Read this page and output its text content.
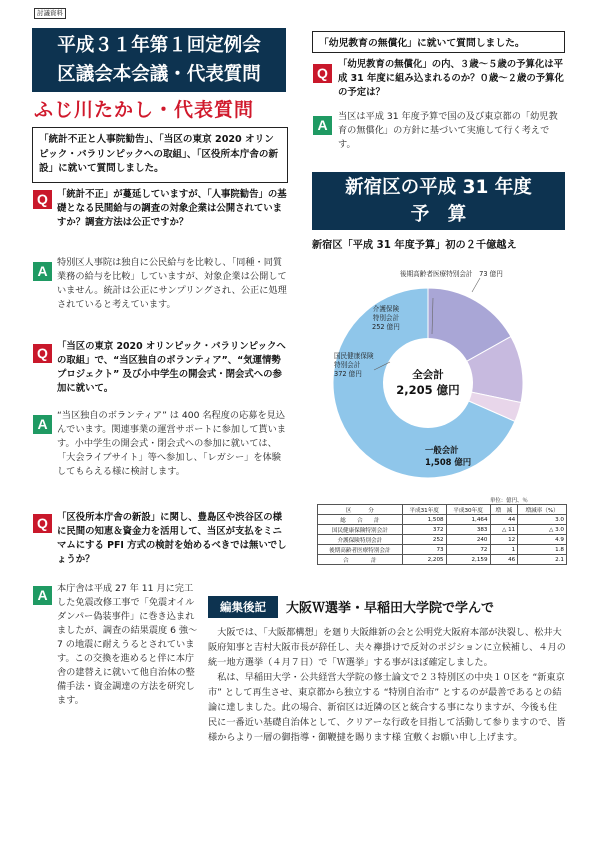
討議資料
平成３１年第１回定例会
区議会本会議・代表質問
ふじ川たかし・代表質問
「統計不正と人事院勧告」、「当区の東京 2020 オリンピック・パラリンピックへの取組」、「区役所本庁舎の新設」に就いて質問しました。
Q 「統計不正」が蔓延していますが、「人事院勧告」の基礎となる民間給与の調査の対象企業は公開されていますか？調査方法は公正ですか？
A
特別区人事院は独自に公民給与を比較し、「同種・同質業務の給与を比較」していますが、対象企業は公開していません。統計は公正にサンプリングされ、公正に処理されていると考えています。
Q 「当区の東京 2020 オリンピック・パラリンピックへの取組」で、“当区独自のボランティア”、“気運情勢プロジェクト” 及び小中学生の開会式・閉会式への参加に就いて。
A
“当区独自のボランティア” は 400 名程度の応募を見込んでいます。関連事業の運営サポートに参加して貰います。小中学生の開会式・閉会式への参加に就いては、「大会ライブサイト」等へ参加し、「レガシー」を体験してもらえる様に検討します。
Q 「区役所本庁舎の新設」に関し、豊島区や渋谷区の様に民間の知恵＆資金力を活用して、当区が支払をミニマムにする PFI 方式の検討を始めるべきでは無いでしょうか？
A	本庁舎は平成 27 年 11 月に完工した免震改修工事で「免震オイルダンパー偽装事件」に巻き込まれましたが、調査の結果震度 6 強～ 7 の地震に耐えうるとされています。この交換を進めると伴に本庁舎の建替えに就いて他自治体の整備手法・資金調達の方法を研究します。
「幼児教育の無償化」に就いて質問しました。
Q
「幼児教育の無償化」の内、３歳～５歳の予算化は平成 31 年度に組み込まれるのか？０歳～２歳の予算化の予定は？
A
当区は平成 31 年度予算で国の及び東京都の「幼児教育の無償化」の方針に基づいて実施して行く考えです。
新宿区の平成 31 年度
予　算
新宿区「平成 31 年度予算」初の２千億越え
後期高齢者医療特別会計　73 億円
介護保険
特別会計
252 億円
国民健康保険
特別会計
372 億円	全会計
2,205 億円
一般会計
1,508 億円
単位：億円、％
区　　　分	平成31年度	平成30年度	増　減	増減率（%）
総　　合　　計	1,508	1,464	44	3.0
国民健康保険特別会計	372	383	△ 11	△ 3.0
介護保険特別会計	252	240	12	4.9
後期高齢者医療特別会計	73	72	1	1.8
合　　　　計	2,205	2,159	46	2.1
編集後記	大阪Ｗ選挙・早稲田大学院で学んで

大阪では、「大阪都構想」を廻り大阪維新の会と公明党大阪府本部が決裂し、松井大阪府知事と吉村大阪市長が辞任し、夫々襷掛けで反対のポジションに立候補し、４月の統一地方選挙（４月７日）で「Ｗ選挙」する事がほぼ確定しました。

私は、早稲田大学・公共経営大学院の修士論文で２３特別区の中央１０区を “新東京市” として再生させ、東京都から独立する “特別自治市” とするのが最善であるとの結論に達しました。此の場合、新宿区は近隣の区と統合する事になりますが、今後も住民に一番近い基礎自治体として、クリアーな行政を目指して活動して参りますので、皆様からより一層の御指導・御鞭撻を賜ります様 宜敷くお願い申し上げます。
